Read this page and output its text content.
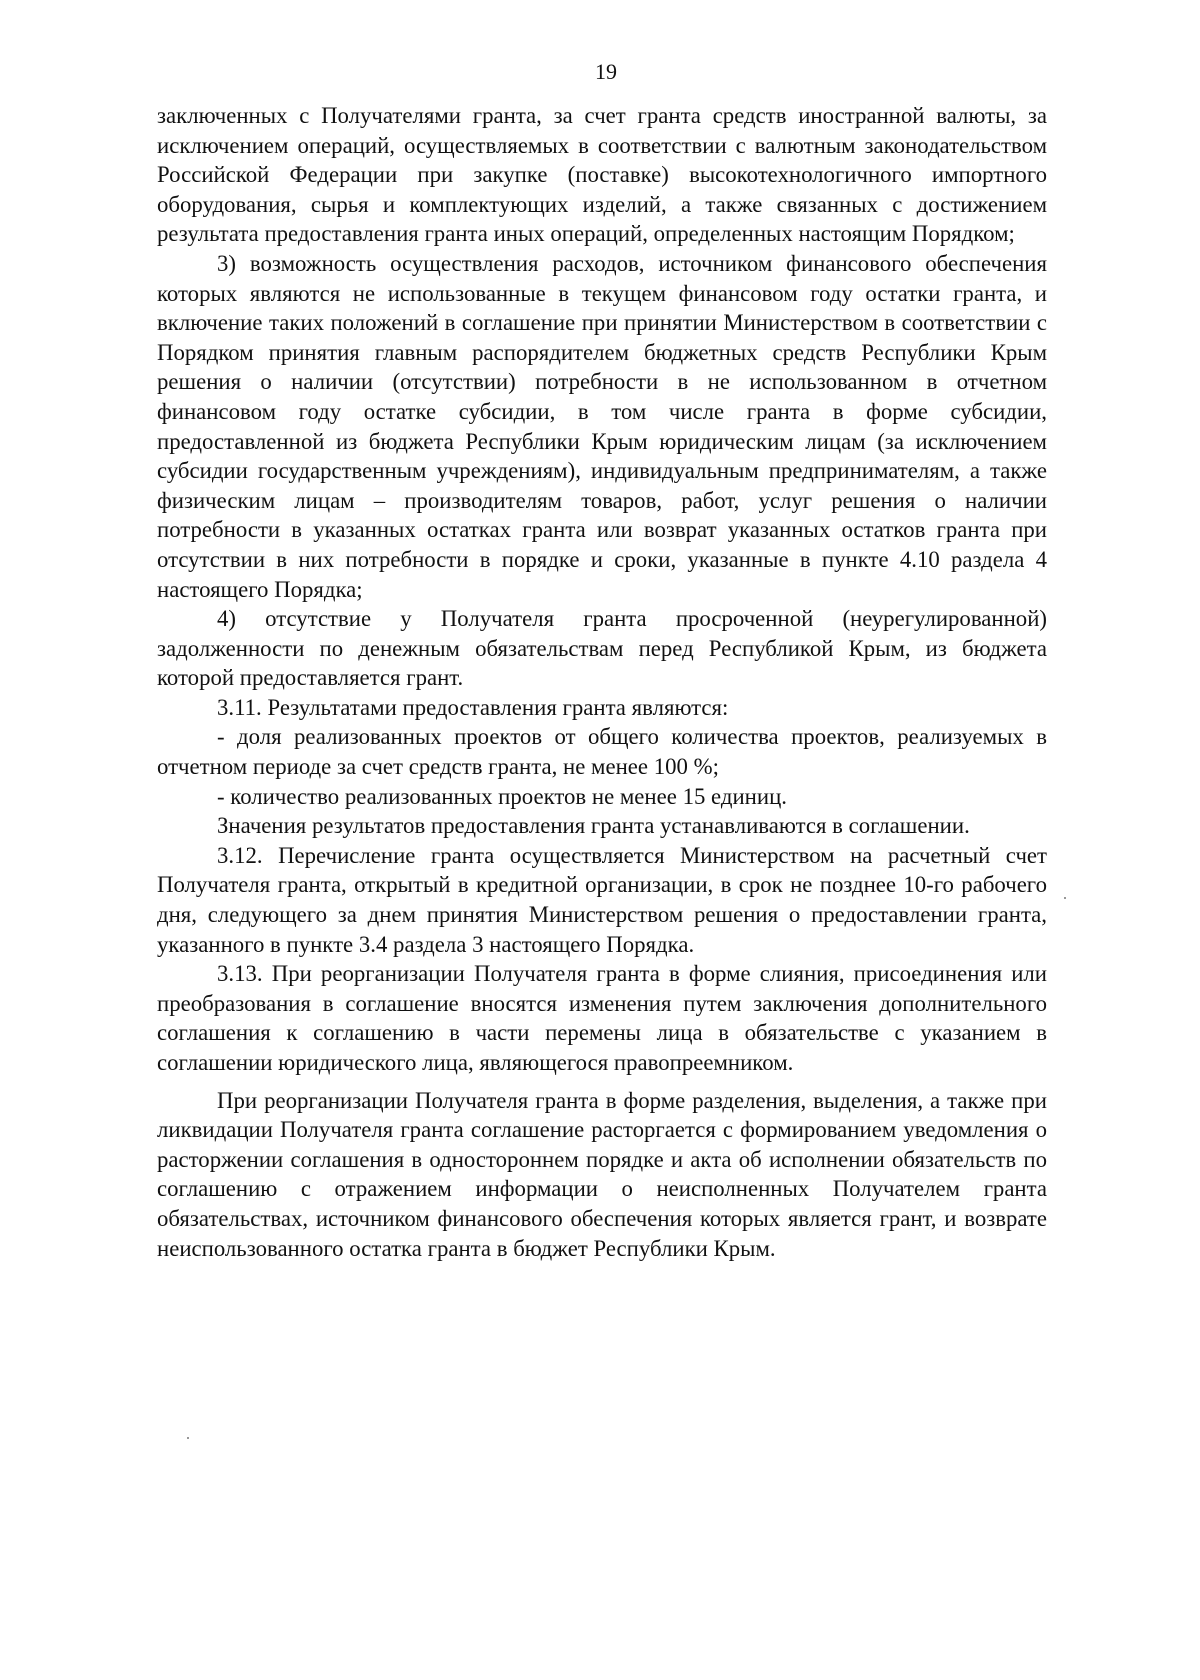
19

заключенных с Получателями гранта, за счет гранта средств иностранной валюты, за исключением операций, осуществляемых в соответствии с валютным законодательством Российской Федерации при закупке (поставке) высокотехнологичного импортного оборудования, сырья и комплектующих изделий, а также связанных с достижением результата предоставления гранта иных операций, определенных настоящим Порядком;

3) возможность осуществления расходов, источником финансового обеспечения которых являются не использованные в текущем финансовом году остатки гранта, и включение таких положений в соглашение при принятии Министерством в соответствии с Порядком принятия главным распорядителем бюджетных средств Республики Крым решения о наличии (отсутствии) потребности в не использованном в отчетном финансовом году остатке субсидии, в том числе гранта в форме субсидии, предоставленной из бюджета Республики Крым юридическим лицам (за исключением субсидии государственным учреждениям), индивидуальным предпринимателям, а также физическим лицам – производителям товаров, работ, услуг решения о наличии потребности в указанных остатках гранта или возврат указанных остатков гранта при отсутствии в них потребности в порядке и сроки, указанные в пункте 4.10 раздела 4 настоящего Порядка;

4) отсутствие у Получателя гранта просроченной (неурегулированной) задолженности по денежным обязательствам перед Республикой Крым, из бюджета которой предоставляется грант.

3.11. Результатами предоставления гранта являются:

- доля реализованных проектов от общего количества проектов, реализуемых в отчетном периоде за счет средств гранта, не менее 100 %;

- количество реализованных проектов не менее 15 единиц.

Значения результатов предоставления гранта устанавливаются в соглашении.

3.12. Перечисление гранта осуществляется Министерством на расчетный счет Получателя гранта, открытый в кредитной организации, в срок не позднее 10-го рабочего дня, следующего за днем принятия Министерством решения о предоставлении гранта, указанного в пункте 3.4 раздела 3 настоящего Порядка.

3.13. При реорганизации Получателя гранта в форме слияния, присоединения или преобразования в соглашение вносятся изменения путем заключения дополнительного соглашения к соглашению в части перемены лица в обязательстве с указанием в соглашении юридического лица, являющегося правопреемником.

При реорганизации Получателя гранта в форме разделения, выделения, а также при ликвидации Получателя гранта соглашение расторгается с формированием уведомления о расторжении соглашения в одностороннем порядке и акта об исполнении обязательств по соглашению с отражением информации о неисполненных Получателем гранта обязательствах, источником финансового обеспечения которых является грант, и возврате неиспользованного остатка гранта в бюджет Республики Крым.
